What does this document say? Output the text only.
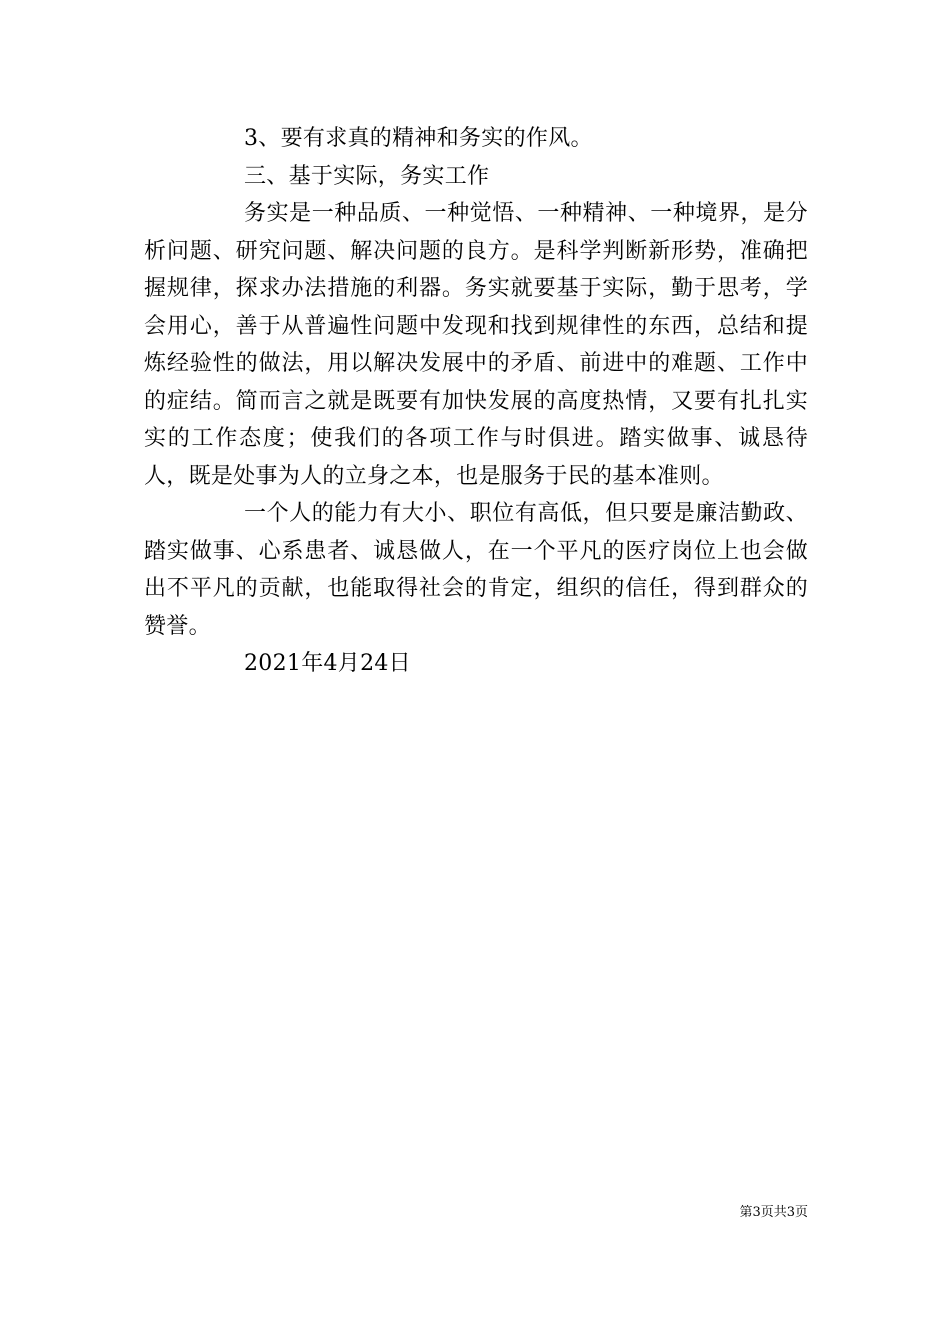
3、要有求真的精神和务实的作风。

三、基于实际，务实工作

务实是一种品质、一种觉悟、一种精神、一种境界，是分析问题、研究问题、解决问题的良方。是科学判断新形势，准确把握规律，探求办法措施的利器。务实就要基于实际，勤于思考，学会用心，善于从普遍性问题中发现和找到规律性的东西，总结和提炼经验性的做法，用以解决发展中的矛盾、前进中的难题、工作中的症结。简而言之就是既要有加快发展的高度热情，又要有扎扎实实的工作态度；使我们的各项工作与时俱进。踏实做事、诚恳待人，既是处事为人的立身之本，也是服务于民的基本准则。

一个人的能力有大小、职位有高低，但只要是廉洁勤政、踏实做事、心系患者、诚恳做人，在一个平凡的医疗岗位上也会做出不平凡的贡献，也能取得社会的肯定，组织的信任，得到群众的赞誉。

2021年4月24日

第3页共3页
